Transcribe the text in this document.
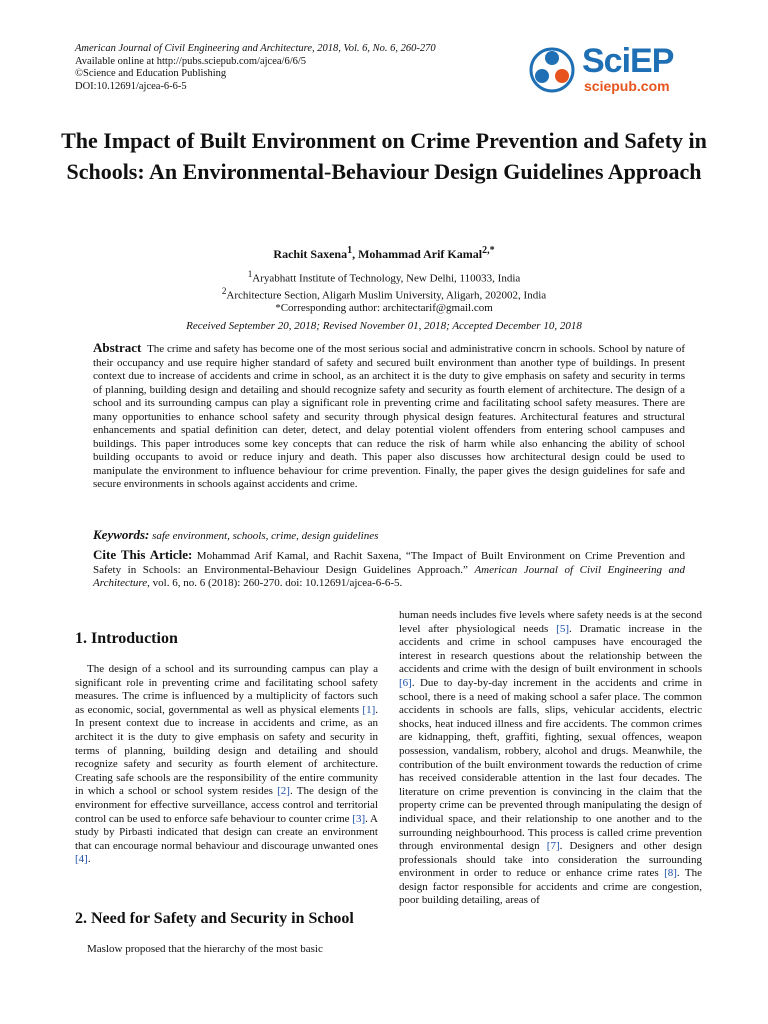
American Journal of Civil Engineering and Architecture, 2018, Vol. 6, No. 6, 260-270
Available online at http://pubs.sciepub.com/ajcea/6/6/5
©Science and Education Publishing
DOI:10.12691/ajcea-6-6-5
SciEP
sciepub.com
The Impact of Built Environment on Crime Prevention and Safety in Schools: An Environmental-Behaviour Design Guidelines Approach
Rachit Saxena$^1$, Mohammad Arif Kamal$^{2,*}$
$^1$Aryabhatt Institute of Technology, New Delhi, 110033, India
$^2$Architecture Section, Aligarh Muslim University, Aligarh, 202002, India
*Corresponding author: architectarif@gmail.com
Received September 20, 2018; Revised November 01, 2018; Accepted December 10, 2018

Abstract The crime and safety has become one of the most serious social and administrative concrn in schools. School by nature of their occupancy and use require higher standard of safety and secured built environment than another type of buildings. In present context due to increase of accidents and crime in school, as an architect it is the duty to give emphasis on safety and security in terms of planning, building design and detailing and should recognize safety and security as fourth element of architecture. The design of a school and its surrounding campus can play a significant role in preventing crime and facilitating school safety measures. There are many opportunities to enhance school safety and security through physical design features. Architectural features and structural enhancements and spatial definition can deter, detect, and delay potential violent offenders from entering school campuses and buildings. This paper introduces some key concepts that can reduce the risk of harm while also enhancing the ability of school building occupants to avoid or reduce injury and death. This paper also discusses how architectural design could be used to manipulate the environment to influence behaviour for crime prevention. Finally, the paper gives the design guidelines for safe and secure environments in schools against accidents and crime.

Keywords: safe environment, schools, crime, design guidelines

Cite This Article: Mohammad Arif Kamal, and Rachit Saxena, “The Impact of Built Environment on Crime Prevention and Safety in Schools: an Environmental-Behaviour Design Guidelines Approach.” American Journal of Civil Engineering and Architecture, vol. 6, no. 6 (2018): 260-270. doi: 10.12691/ajcea-6-6-5.

1. Introduction

The design of a school and its surrounding campus can play a significant role in preventing crime and facilitating school safety measures. The crime is influenced by a multiplicity of factors such as economic, social, governmental as well as physical elements [1]. In present context due to increase in accidents and crime, as an architect it is the duty to give emphasis on safety and security in terms of planning, building design and detailing and should recognize safety and security as fourth element of architecture. Creating safe schools are the responsibility of the entire community in which a school or school system resides [2]. The design of the environment for effective surveillance, access control and territorial control can be used to enforce safe behaviour to counter crime [3]. A study by Pirbasti indicated that design can create an environment that can encourage normal behaviour and discourage unwanted ones [4].

2. Need for Safety and Security in School

Maslow proposed that the hierarchy of the most basic

human needs includes five levels where safety needs is at the second level after physiological needs [5]. Dramatic increase in the accidents and crime in school campuses have encouraged the interest in research questions about the relationship between the accidents and crime with the design of built environment in schools [6]. Due to day-by-day increment in the accidents and crime in school, there is a need of making school a safer place. The common accidents in schools are falls, slips, vehicular accidents, electric shocks, heat induced illness and fire accidents. The common crimes are kidnapping, theft, graffiti, fighting, sexual offences, weapon possession, vandalism, robbery, alcohol and drugs. Meanwhile, the contribution of the built environment towards the reduction of crime has received considerable attention in the last four decades. The literature on crime prevention is convincing in the claim that the property crime can be prevented through manipulating the design of individual space, and their relationship to one another and to the surrounding neighbourhood. This process is called crime prevention through environmental design [7]. Designers and other design professionals should take into consideration the surrounding environment in order to reduce or enhance crime rates [8]. The design factor responsible for accidents and crime are congestion, poor building detailing, areas of
